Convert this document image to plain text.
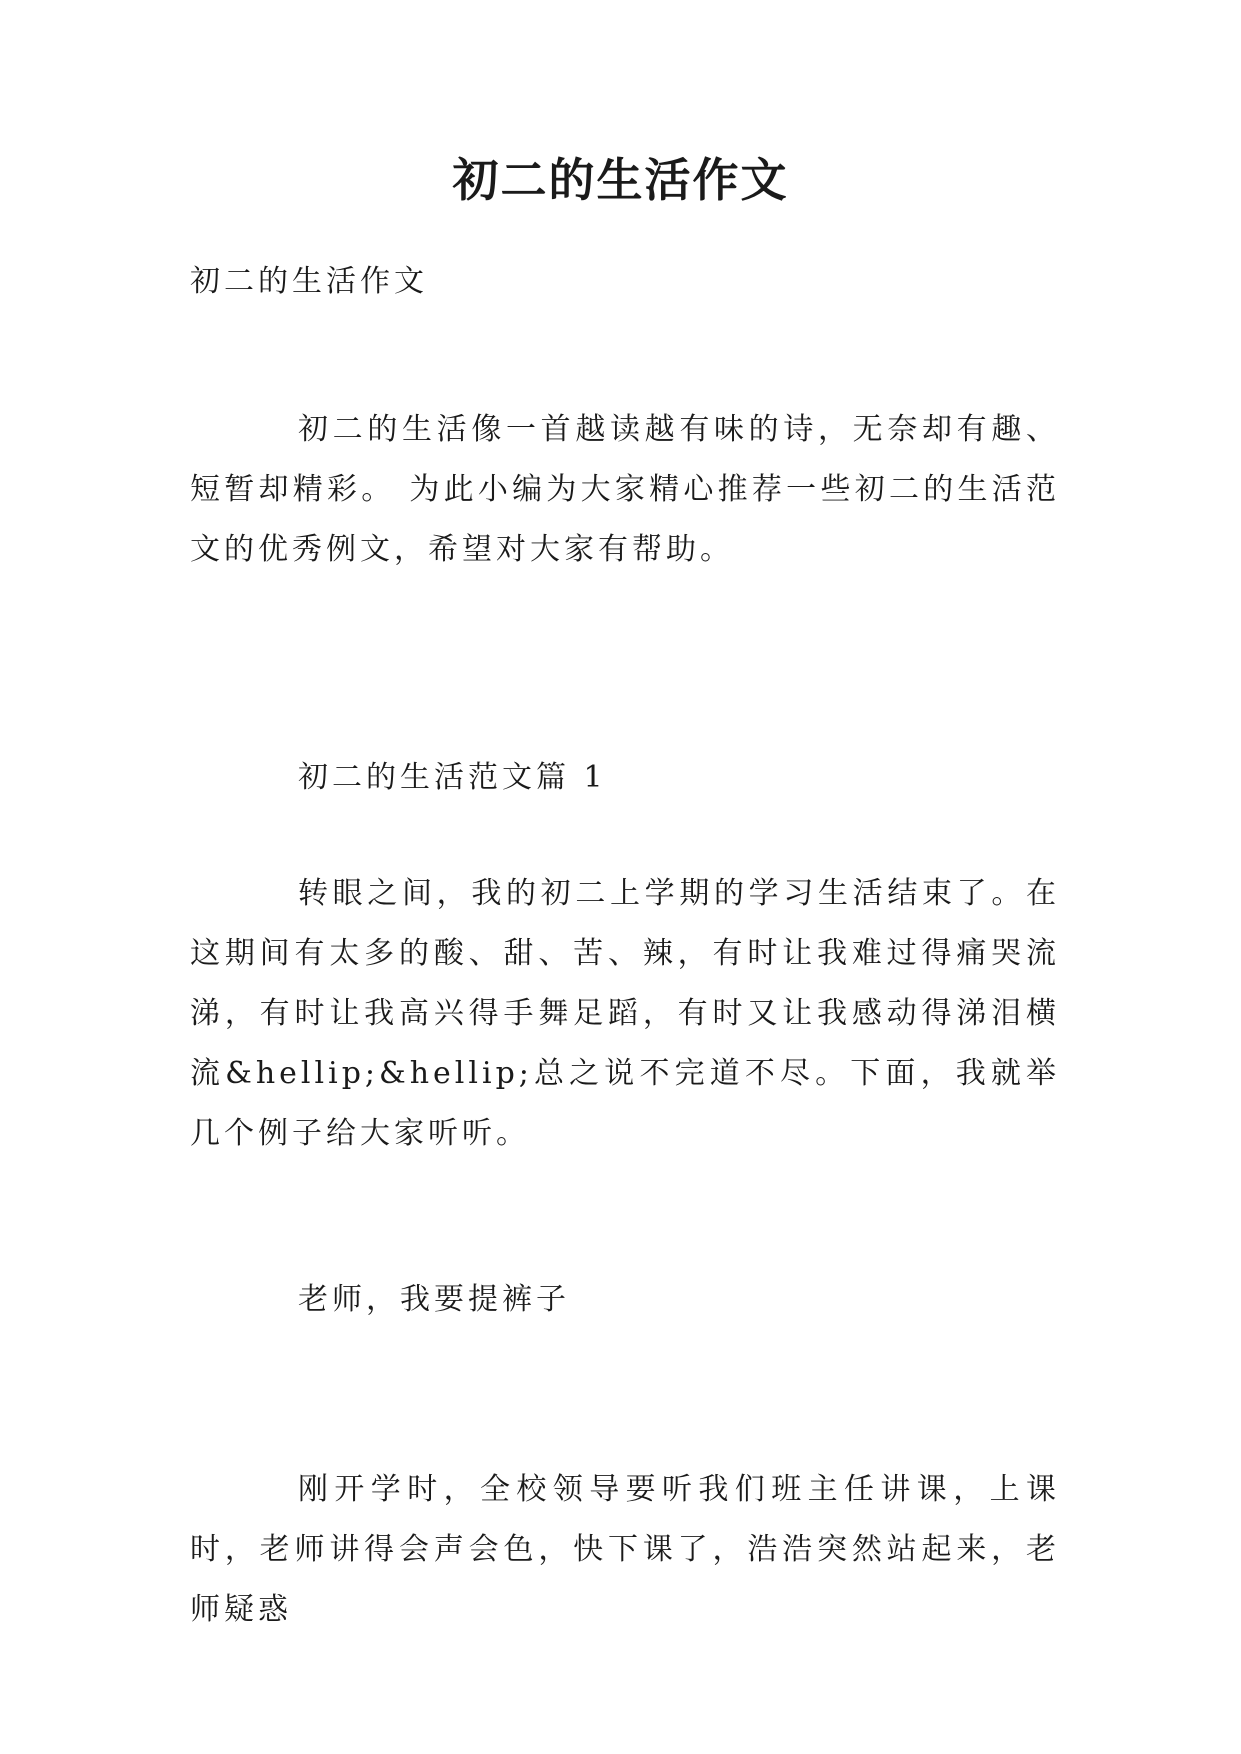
初二的生活作文

初二的生活作文

初二的生活像一首越读越有味的诗，无奈却有趣、短暂却精彩。 为此小编为大家精心推荐一些初二的生活范文的优秀例文，希望对大家有帮助。

初二的生活范文篇 1

转眼之间，我的初二上学期的学习生活结束了。在这期间有太多的酸、甜、苦、辣，有时让我难过得痛哭流涕，有时让我高兴得手舞足蹈，有时又让我感动得涕泪横流&hellip;&hellip;总之说不完道不尽。下面，我就举几个例子给大家听听。

老师，我要提裤子

刚开学时，全校领导要听我们班主任讲课，上课时，老师讲得会声会色，快下课了，浩浩突然站起来，老师疑惑
